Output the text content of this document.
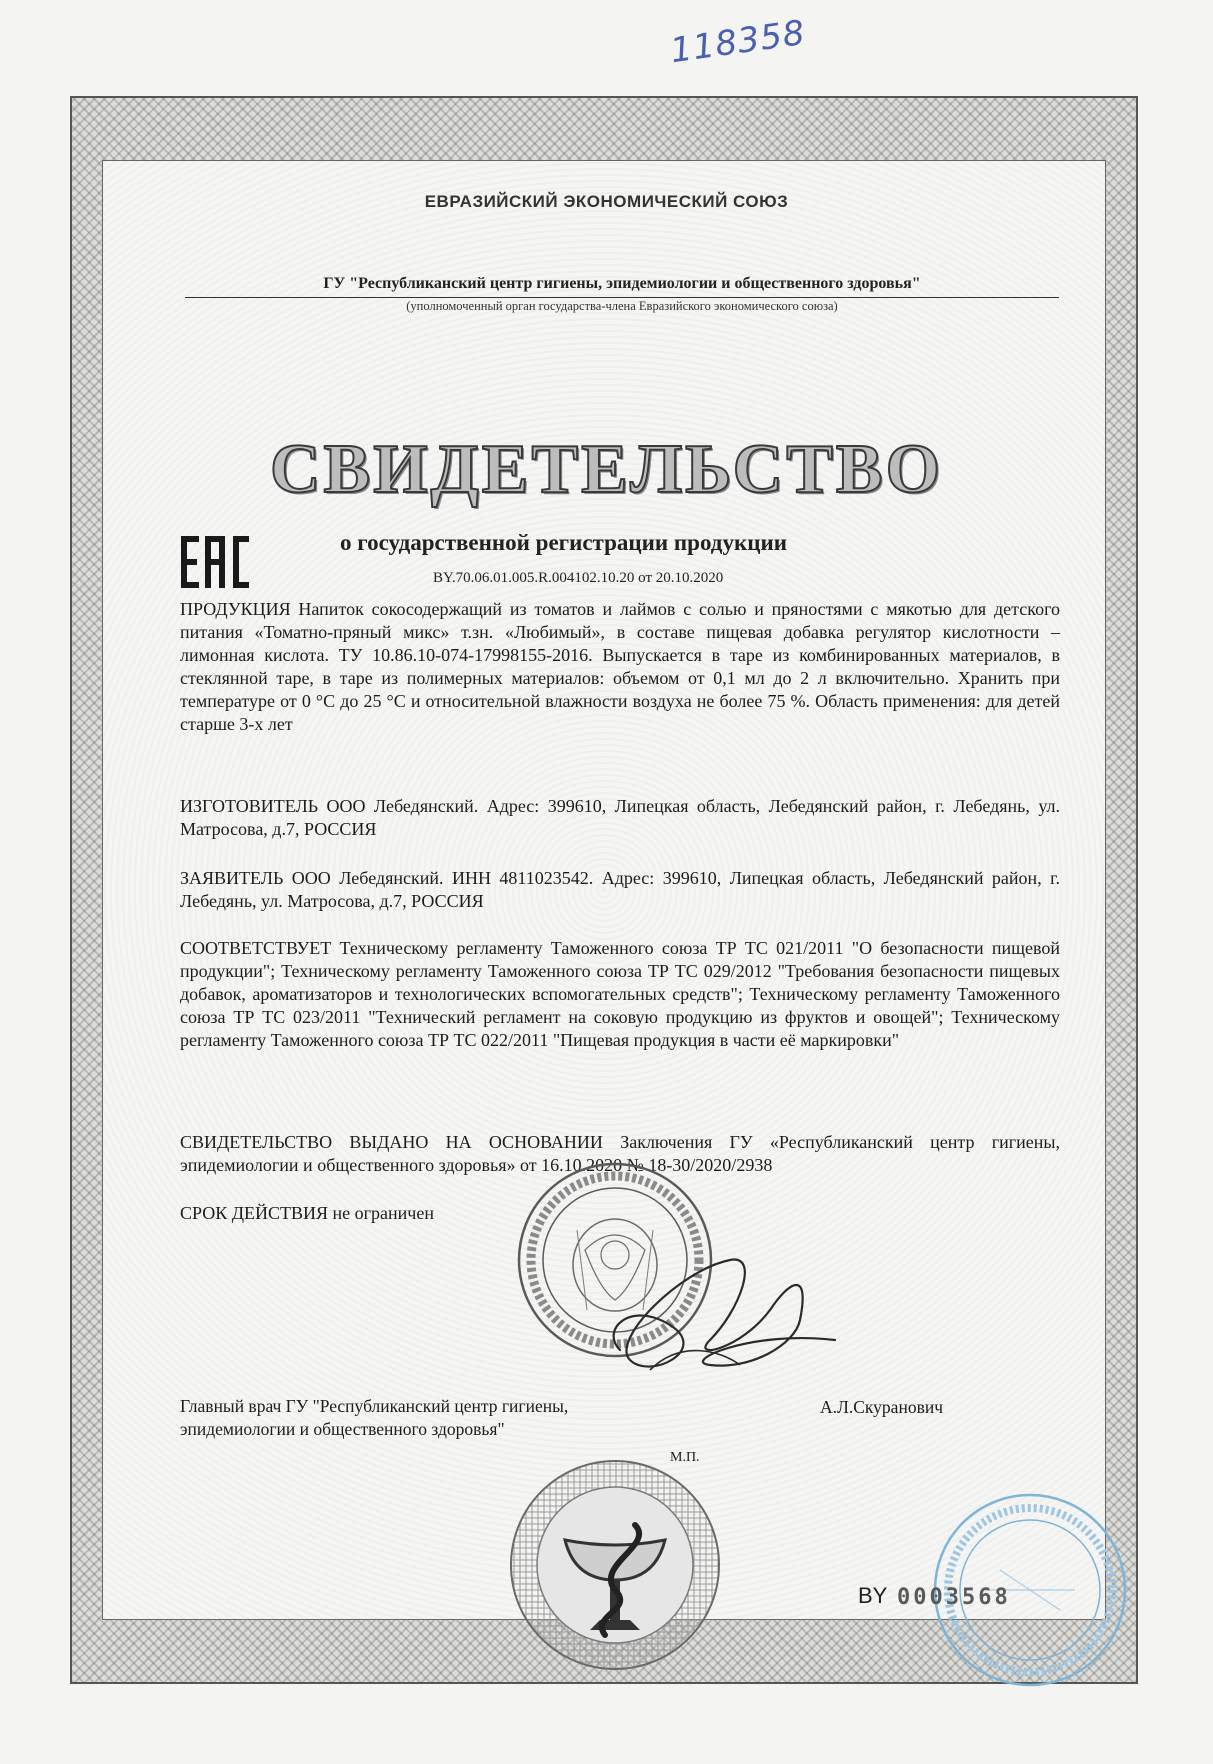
118358
ЕВРАЗИЙСКИЙ ЭКОНОМИЧЕСКИЙ СОЮЗ
ГУ "Республиканский центр гигиены, эпидемиологии и общественного здоровья"
(уполномоченный орган государства-члена Евразийского экономического союза)
СВИДЕТЕЛЬСТВО
о государственной регистрации продукции
BY.70.06.01.005.R.004102.10.20 от 20.10.2020
ПРОДУКЦИЯ Напиток сокосодержащий из томатов и лаймов с солью и пряностями с мякотью для детского питания «Томатно-пряный микс» т.зн. «Любимый», в составе пищевая добавка регулятор кислотности – лимонная кислота. ТУ 10.86.10-074-17998155-2016. Выпускается в таре из комбинированных материалов, в стеклянной таре, в таре из полимерных материалов: объемом от 0,1 мл до 2 л включительно. Хранить при температуре от 0 °C до 25 °C и относительной влажности воздуха не более 75 %. Область применения: для детей старше 3-х лет
ИЗГОТОВИТЕЛЬ ООО Лебедянский. Адрес: 399610, Липецкая область, Лебедянский район, г. Лебедянь, ул. Матросова, д.7, РОССИЯ
ЗАЯВИТЕЛЬ ООО Лебедянский. ИНН 4811023542. Адрес: 399610, Липецкая область, Лебедянский район, г. Лебедянь, ул. Матросова, д.7, РОССИЯ
СООТВЕТСТВУЕТ Техническому регламенту Таможенного союза ТР ТС 021/2011 "О безопасности пищевой продукции"; Техническому регламенту Таможенного союза ТР ТС 029/2012 "Требования безопасности пищевых добавок, ароматизаторов и технологических вспомогательных средств"; Техническому регламенту Таможенного союза ТР ТС 023/2011 "Технический регламент на соковую продукцию из фруктов и овощей"; Техническому регламенту Таможенного союза ТР ТС 022/2011 "Пищевая продукция в части её маркировки"
СВИДЕТЕЛЬСТВО ВЫДАНО НА ОСНОВАНИИ Заключения ГУ «Республиканский центр гигиены, эпидемиологии и общественного здоровья» от 16.10.2020 № 18-30/2020/2938
СРОК ДЕЙСТВИЯ не ограничен
Главный врач ГУ "Республиканский центр гигиены, эпидемиологии и общественного здоровья"
А.Л.Скуранович
М.П.
BY 0003568
